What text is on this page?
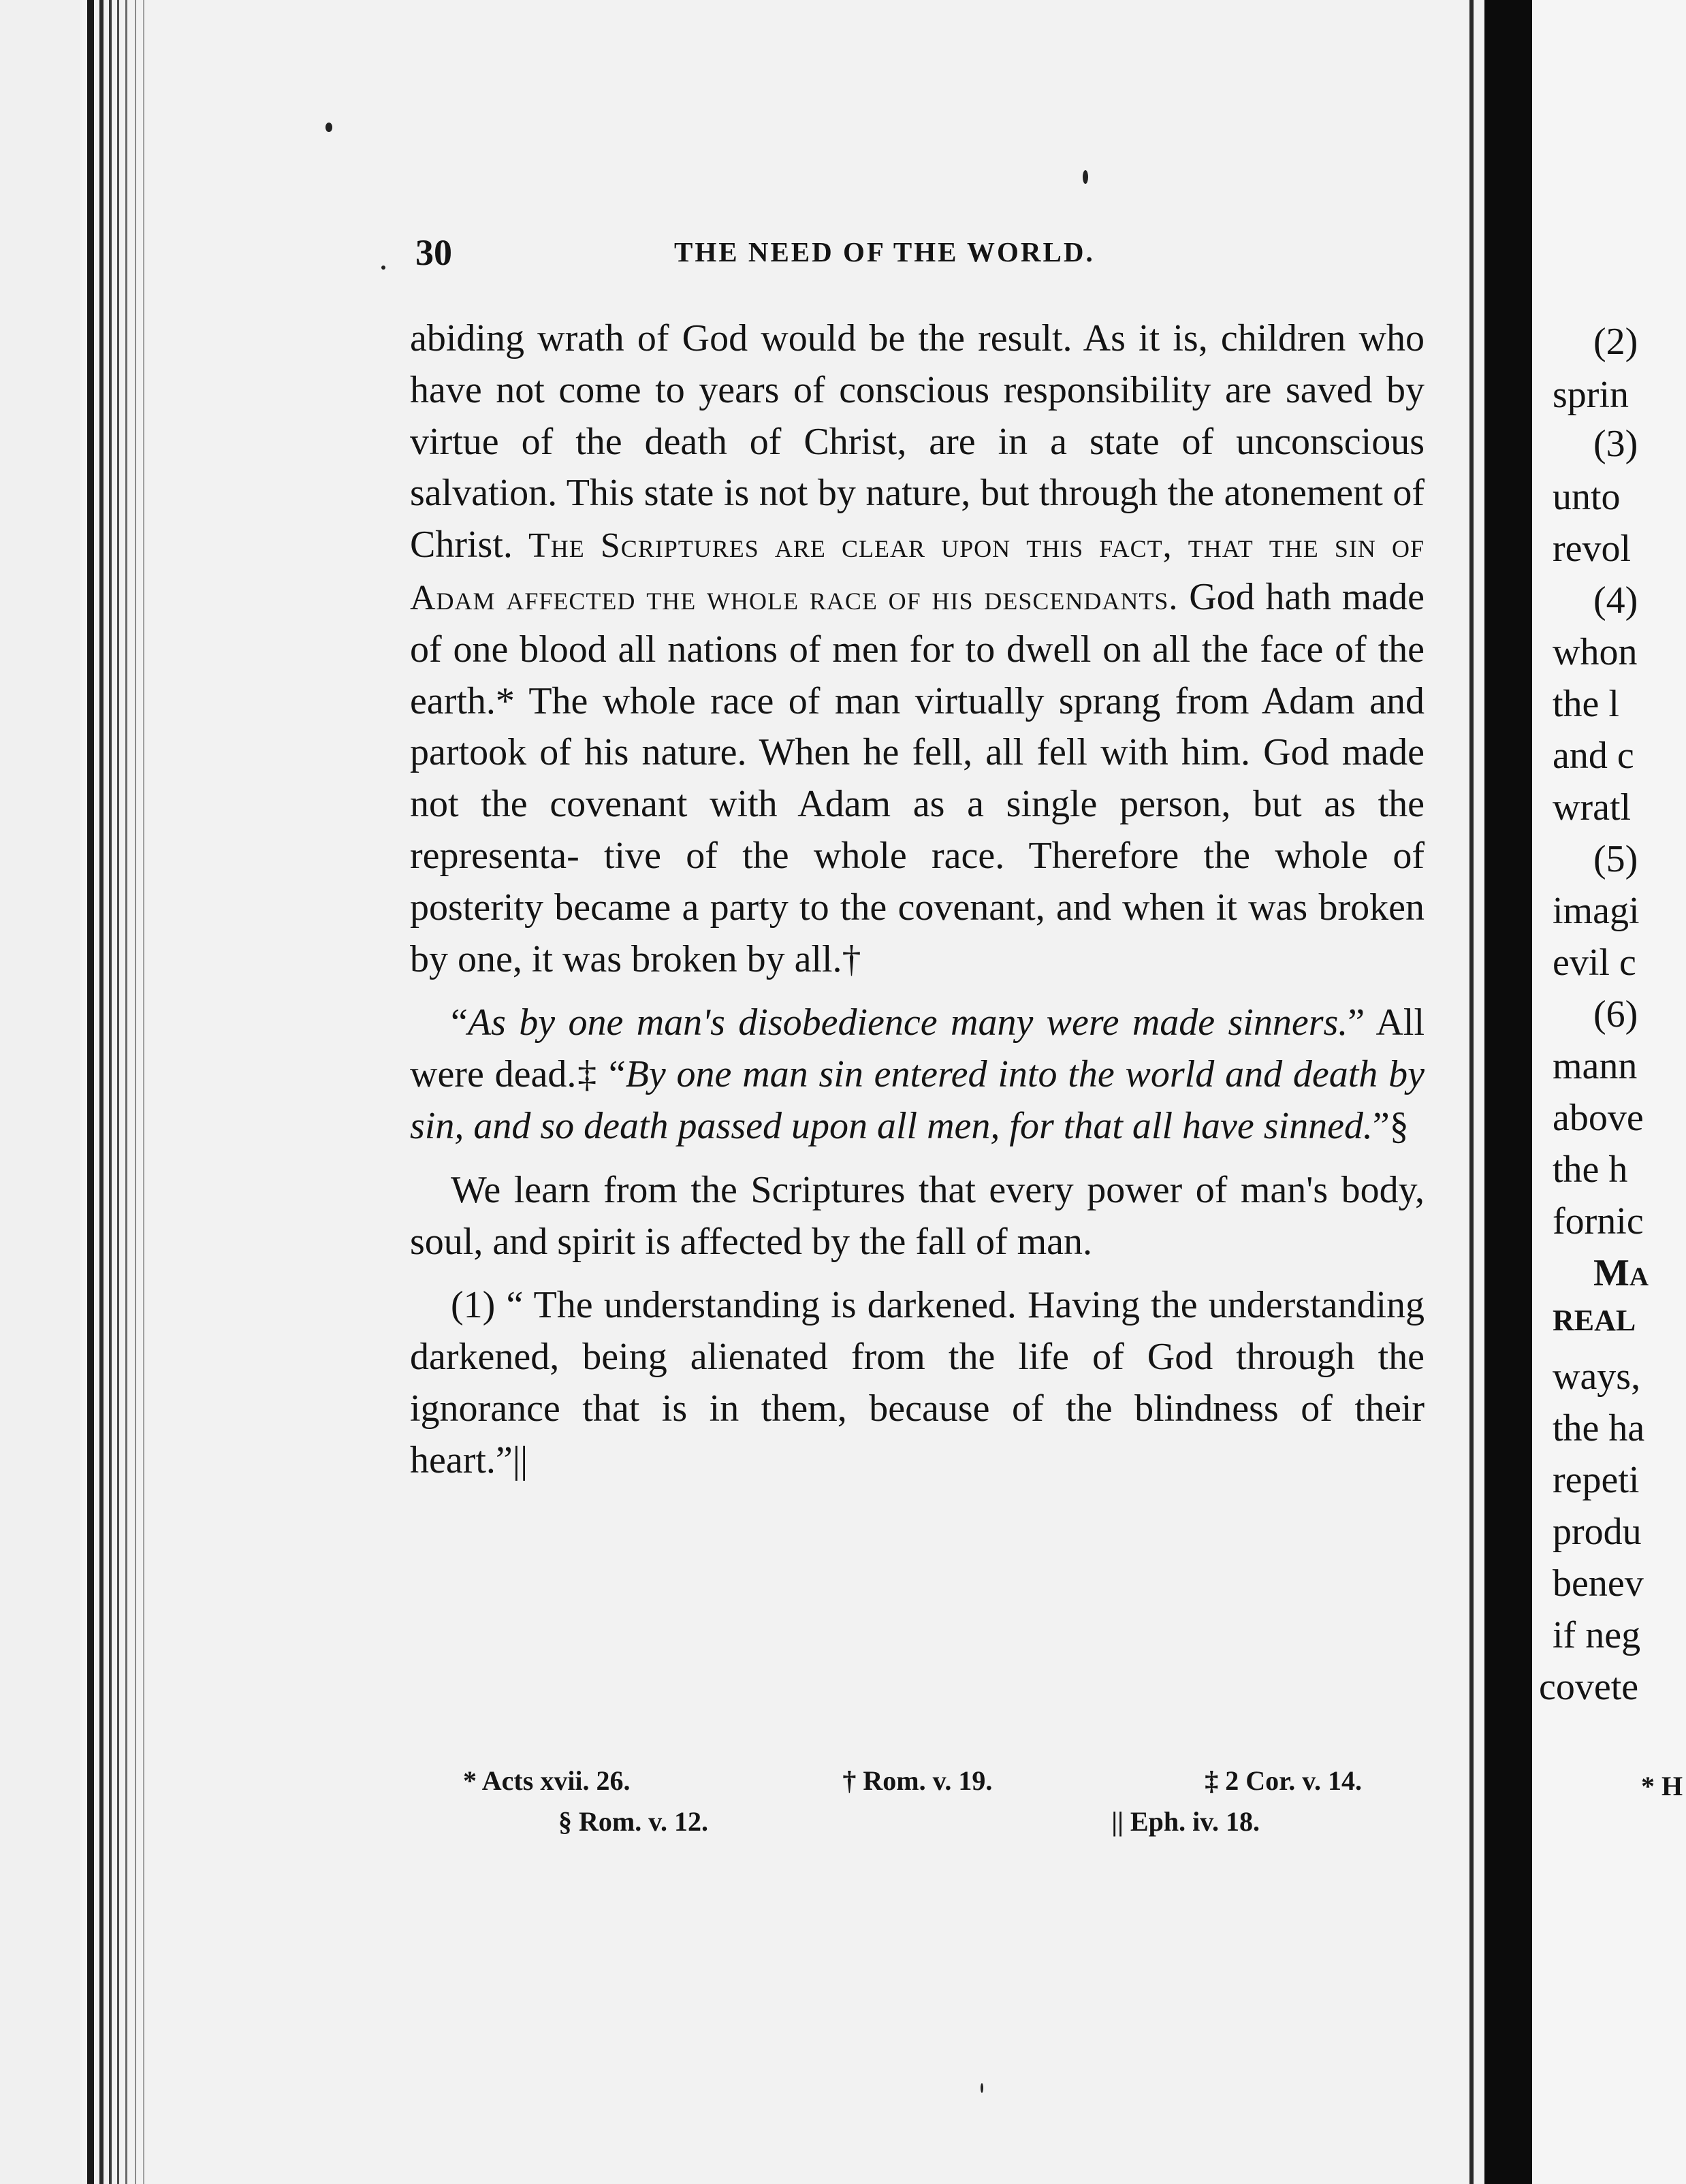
30	THE NEED OF THE WORLD.

abiding wrath of God would be the result. As it is, children who have not come to years of conscious responsibility are saved by virtue of the death of Christ, are in a state of unconscious salvation. This state is not by nature, but through the atonement of Christ. The Scriptures are clear upon this fact, that the sin of Adam affected the whole race of his descendants. God hath made of one blood all nations of men for to dwell on all the face of the earth.* The whole race of man virtually sprang from Adam and partook of his nature. When he fell, all fell with him. God made not the covenant with Adam as a single person, but as the representa- tive of the whole race. Therefore the whole of posterity became a party to the covenant, and when it was broken by one, it was broken by all.†

“As by one man's disobedience many were made sinners.” All were dead.‡ “By one man sin entered into the world and death by sin, and so death passed upon all men, for that all have sinned.”§

We learn from the Scriptures that every power of man's body, soul, and spirit is affected by the fall of man.

(1) “ The understanding is darkened. Having the understanding darkened, being alienated from the life of God through the ignorance that is in them, because of the blindness of their heart.”||

* Acts xvii. 26.	† Rom. v. 19.	‡ 2 Cor. v. 14.
§ Rom. v. 12.	|| Eph. iv. 18.
(2)
sprin
(3)
unto
revol
(4)
whon
the l
and c
wratl
(5)
imagi
evil c
(6)
mann
above
the h
fornic
Ma
REAL
ways,
the ha
repeti
produ
benev
if neg
covete
* H
